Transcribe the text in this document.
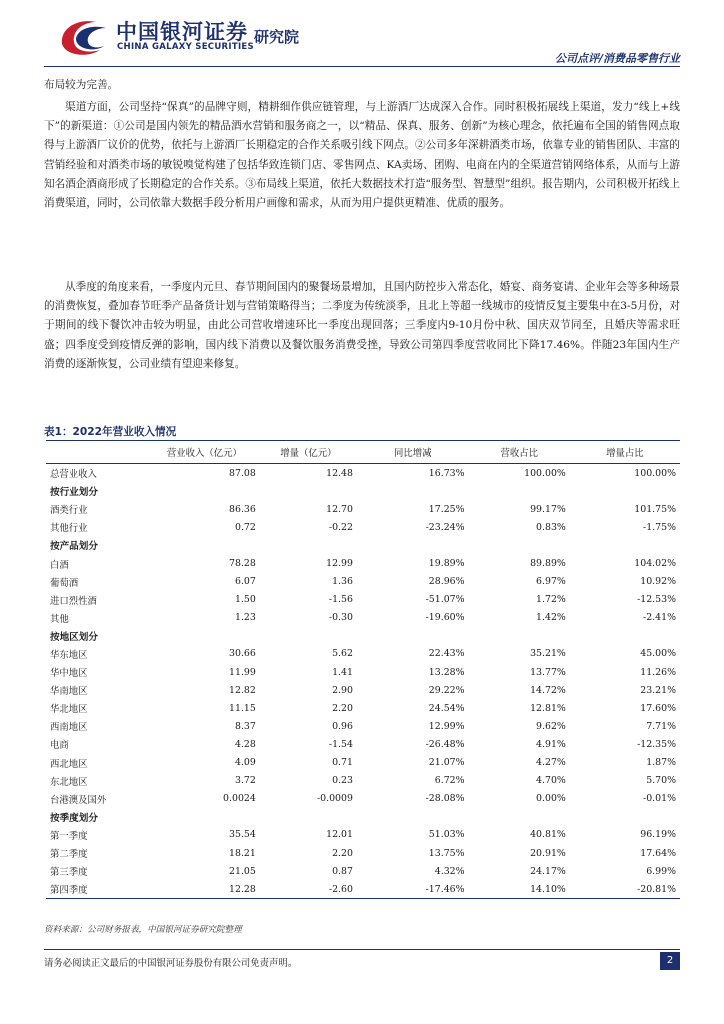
中国银河证券
CHINA GALAXY SECURITIES
研究院
公司点评/消费品零售行业

布局较为完善。

渠道方面，公司坚持“保真”的品牌守则，精耕细作供应链管理，与上游酒厂达成深入合作。同时积极拓展线上渠道，发力“线上+线下”的新渠道：①公司是国内领先的精品酒水营销和服务商之一，以“精品、保真、服务、创新”为核心理念，依托遍布全国的销售网点取得与上游酒厂议价的优势，依托与上游酒厂长期稳定的合作关系吸引线下网点。②公司多年深耕酒类市场，依靠专业的销售团队、丰富的营销经验和对酒类市场的敏锐嗅觉构建了包括华致连锁门店、零售网点、KA卖场、团购、电商在内的全渠道营销网络体系，从而与上游知名酒企酒商形成了长期稳定的合作关系。③布局线上渠道，依托大数据技术打造“服务型、智慧型”组织。报告期内，公司积极开拓线上消费渠道，同时，公司依靠大数据手段分析用户画像和需求，从而为用户提供更精准、优质的服务。

从季度的角度来看，一季度内元旦、春节期间国内的聚餐场景增加，且国内防控步入常态化，婚宴、商务宴请、企业年会等多种场景的消费恢复，叠加春节旺季产品备货计划与营销策略得当；二季度为传统淡季，且北上等超一线城市的疫情反复主要集中在3-5月份，对于期间的线下餐饮冲击较为明显，由此公司营收增速环比一季度出现回落；三季度内9-10月份中秋、国庆双节同至，且婚庆等需求旺盛；四季度受到疫情反弹的影响，国内线下消费以及餐饮服务消费受挫，导致公司第四季度营收同比下降17.46%。伴随23年国内生产消费的逐渐恢复，公司业绩有望迎来修复。

表1：2022年营业收入情况
	营业收入（亿元）	增量（亿元）	同比增减	营收占比	增量占比
总营业收入	87.08	12.48	16.73%	100.00%	100.00%
按行业划分					
酒类行业	86.36	12.70	17.25%	99.17%	101.75%
其他行业	0.72	-0.22	-23.24%	0.83%	-1.75%
按产品划分					
白酒	78.28	12.99	19.89%	89.89%	104.02%
葡萄酒	6.07	1.36	28.96%	6.97%	10.92%
进口烈性酒	1.50	-1.56	-51.07%	1.72%	-12.53%
其他	1.23	-0.30	-19.60%	1.42%	-2.41%
按地区划分					
华东地区	30.66	5.62	22.43%	35.21%	45.00%
华中地区	11.99	1.41	13.28%	13.77%	11.26%
华南地区	12.82	2.90	29.22%	14.72%	23.21%
华北地区	11.15	2.20	24.54%	12.81%	17.60%
西南地区	8.37	0.96	12.99%	9.62%	7.71%
电商	4.28	-1.54	-26.48%	4.91%	-12.35%
西北地区	4.09	0.71	21.07%	4.27%	1.87%
东北地区	3.72	0.23	6.72%	4.70%	5.70%
台港澳及国外	0.0024	-0.0009	-28.08%	0.00%	-0.01%
按季度划分					
第一季度	35.54	12.01	51.03%	40.81%	96.19%
第二季度	18.21	2.20	13.75%	20.91%	17.64%
第三季度	21.05	0.87	4.32%	24.17%	6.99%
第四季度	12.28	-2.60	-17.46%	14.10%	-20.81%
资料来源：公司财务报表，中国银河证券研究院整理
请务必阅读正文最后的中国银河证券股份有限公司免责声明。	2
